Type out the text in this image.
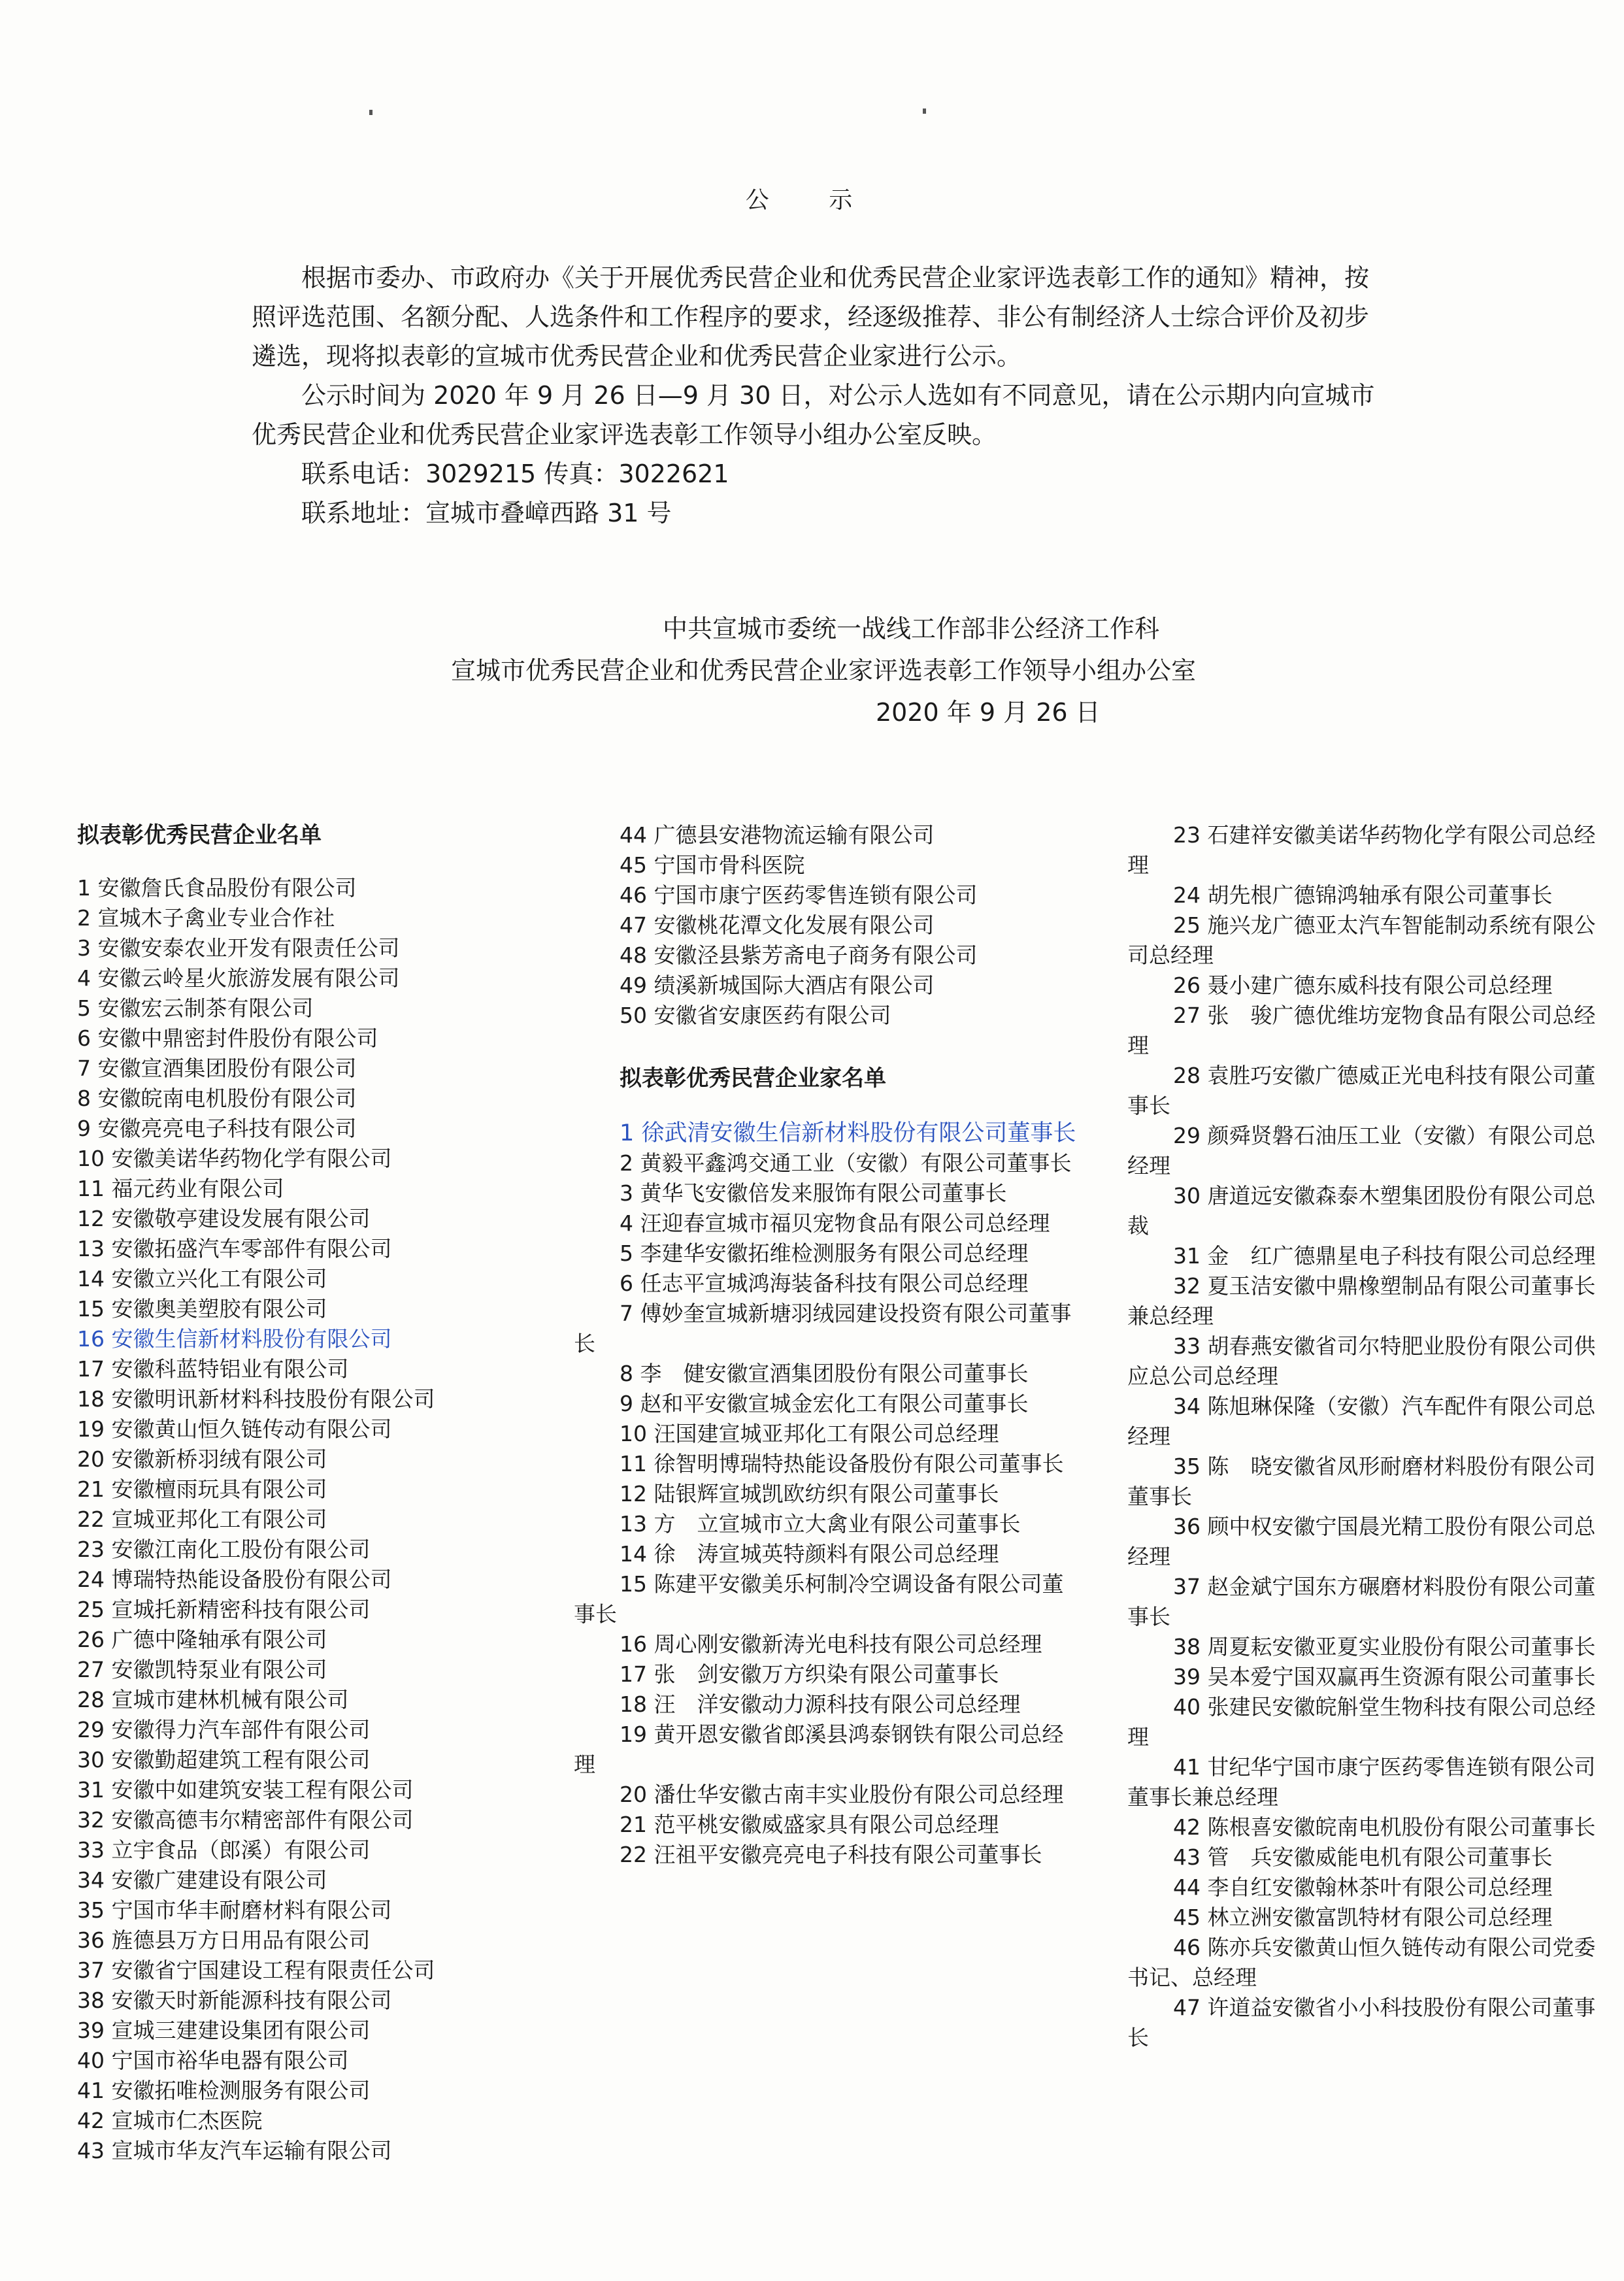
公 示

根据市委办、市政府办《关于开展优秀民营企业和优秀民营企业家评选表彰工作的通知》精神，按照评选范围、名额分配、人选条件和工作程序的要求，经逐级推荐、非公有制经济人士综合评价及初步遴选，现将拟表彰的宣城市优秀民营企业和优秀民营企业家进行公示。

公示时间为 2020 年 9 月 26 日—9 月 30 日，对公示人选如有不同意见，请在公示期内向宣城市优秀民营企业和优秀民营企业家评选表彰工作领导小组办公室反映。

联系电话：3029215 传真：3022621

联系地址：宣城市叠嶂西路 31 号

中共宣城市委统一战线工作部非公经济工作科
宣城市优秀民营企业和优秀民营企业家评选表彰工作领导小组办公室
2020 年 9 月 26 日
拟表彰优秀民营企业名单
1 安徽詹氏食品股份有限公司
2 宣城木子禽业专业合作社
3 安徽安泰农业开发有限责任公司
4 安徽云岭星火旅游发展有限公司
5 安徽宏云制茶有限公司
6 安徽中鼎密封件股份有限公司
7 安徽宣酒集团股份有限公司
8 安徽皖南电机股份有限公司
9 安徽亮亮电子科技有限公司
10 安徽美诺华药物化学有限公司
11 福元药业有限公司
12 安徽敬亭建设发展有限公司
13 安徽拓盛汽车零部件有限公司
14 安徽立兴化工有限公司
15 安徽奥美塑胶有限公司
16 安徽生信新材料股份有限公司
17 安徽科蓝特铝业有限公司
18 安徽明讯新材料科技股份有限公司
19 安徽黄山恒久链传动有限公司
20 安徽新桥羽绒有限公司
21 安徽檀雨玩具有限公司
22 宣城亚邦化工有限公司
23 安徽江南化工股份有限公司
24 博瑞特热能设备股份有限公司
25 宣城托新精密科技有限公司
26 广德中隆轴承有限公司
27 安徽凯特泵业有限公司
28 宣城市建林机械有限公司
29 安徽得力汽车部件有限公司
30 安徽勤超建筑工程有限公司
31 安徽中如建筑安装工程有限公司
32 安徽高德韦尔精密部件有限公司
33 立宇食品（郎溪）有限公司
34 安徽广建建设有限公司
35 宁国市华丰耐磨材料有限公司
36 旌德县万方日用品有限公司
37 安徽省宁国建设工程有限责任公司
38 安徽天时新能源科技有限公司
39 宣城三建建设集团有限公司
40 宁国市裕华电器有限公司
41 安徽拓唯检测服务有限公司
42 宣城市仁杰医院
43 宣城市华友汽车运输有限公司
44 广德县安港物流运输有限公司
45 宁国市骨科医院
46 宁国市康宁医药零售连锁有限公司
47 安徽桃花潭文化发展有限公司
48 安徽泾县紫芳斋电子商务有限公司
49 绩溪新城国际大酒店有限公司
50 安徽省安康医药有限公司
拟表彰优秀民营企业家名单
1 徐武清安徽生信新材料股份有限公司董事长
2 黄毅平鑫鸿交通工业（安徽）有限公司董事长
3 黄华飞安徽倍发来服饰有限公司董事长
4 汪迎春宣城市福贝宠物食品有限公司总经理
5 李建华安徽拓维检测服务有限公司总经理
6 任志平宣城鸿海装备科技有限公司总经理
7 傅妙奎宣城新塘羽绒园建设投资有限公司董事长
8 李　健安徽宣酒集团股份有限公司董事长
9 赵和平安徽宣城金宏化工有限公司董事长
10 汪国建宣城亚邦化工有限公司总经理
11 徐智明博瑞特热能设备股份有限公司董事长
12 陆银辉宣城凯欧纺织有限公司董事长
13 方　立宣城市立大禽业有限公司董事长
14 徐　涛宣城英特颜料有限公司总经理
15 陈建平安徽美乐柯制冷空调设备有限公司董事长
16 周心刚安徽新涛光电科技有限公司总经理
17 张　剑安徽万方织染有限公司董事长
18 汪　洋安徽动力源科技有限公司总经理
19 黄开恩安徽省郎溪县鸿泰钢铁有限公司总经理
20 潘仕华安徽古南丰实业股份有限公司总经理
21 范平桃安徽威盛家具有限公司总经理
22 汪祖平安徽亮亮电子科技有限公司董事长
23 石建祥安徽美诺华药物化学有限公司总经理
24 胡先根广德锦鸿轴承有限公司董事长
25 施兴龙广德亚太汽车智能制动系统有限公司总经理
26 聂小建广德东威科技有限公司总经理
27 张　骏广德优维坊宠物食品有限公司总经理
28 袁胜巧安徽广德威正光电科技有限公司董事长
29 颜舜贤磐石油压工业（安徽）有限公司总经理
30 唐道远安徽森泰木塑集团股份有限公司总裁
31 金　红广德鼎星电子科技有限公司总经理
32 夏玉洁安徽中鼎橡塑制品有限公司董事长兼总经理
33 胡春燕安徽省司尔特肥业股份有限公司供应总公司总经理
34 陈旭琳保隆（安徽）汽车配件有限公司总经理
35 陈　晓安徽省凤形耐磨材料股份有限公司董事长
36 顾中权安徽宁国晨光精工股份有限公司总经理
37 赵金斌宁国东方碾磨材料股份有限公司董事长
38 周夏耘安徽亚夏实业股份有限公司董事长
39 吴本爱宁国双赢再生资源有限公司董事长
40 张建民安徽皖斛堂生物科技有限公司总经理
41 甘纪华宁国市康宁医药零售连锁有限公司董事长兼总经理
42 陈根喜安徽皖南电机股份有限公司董事长
43 管　兵安徽威能电机有限公司董事长
44 李自红安徽翰林茶叶有限公司总经理
45 林立洲安徽富凯特材有限公司总经理
46 陈亦兵安徽黄山恒久链传动有限公司党委书记、总经理
47 许道益安徽省小小科技股份有限公司董事长
